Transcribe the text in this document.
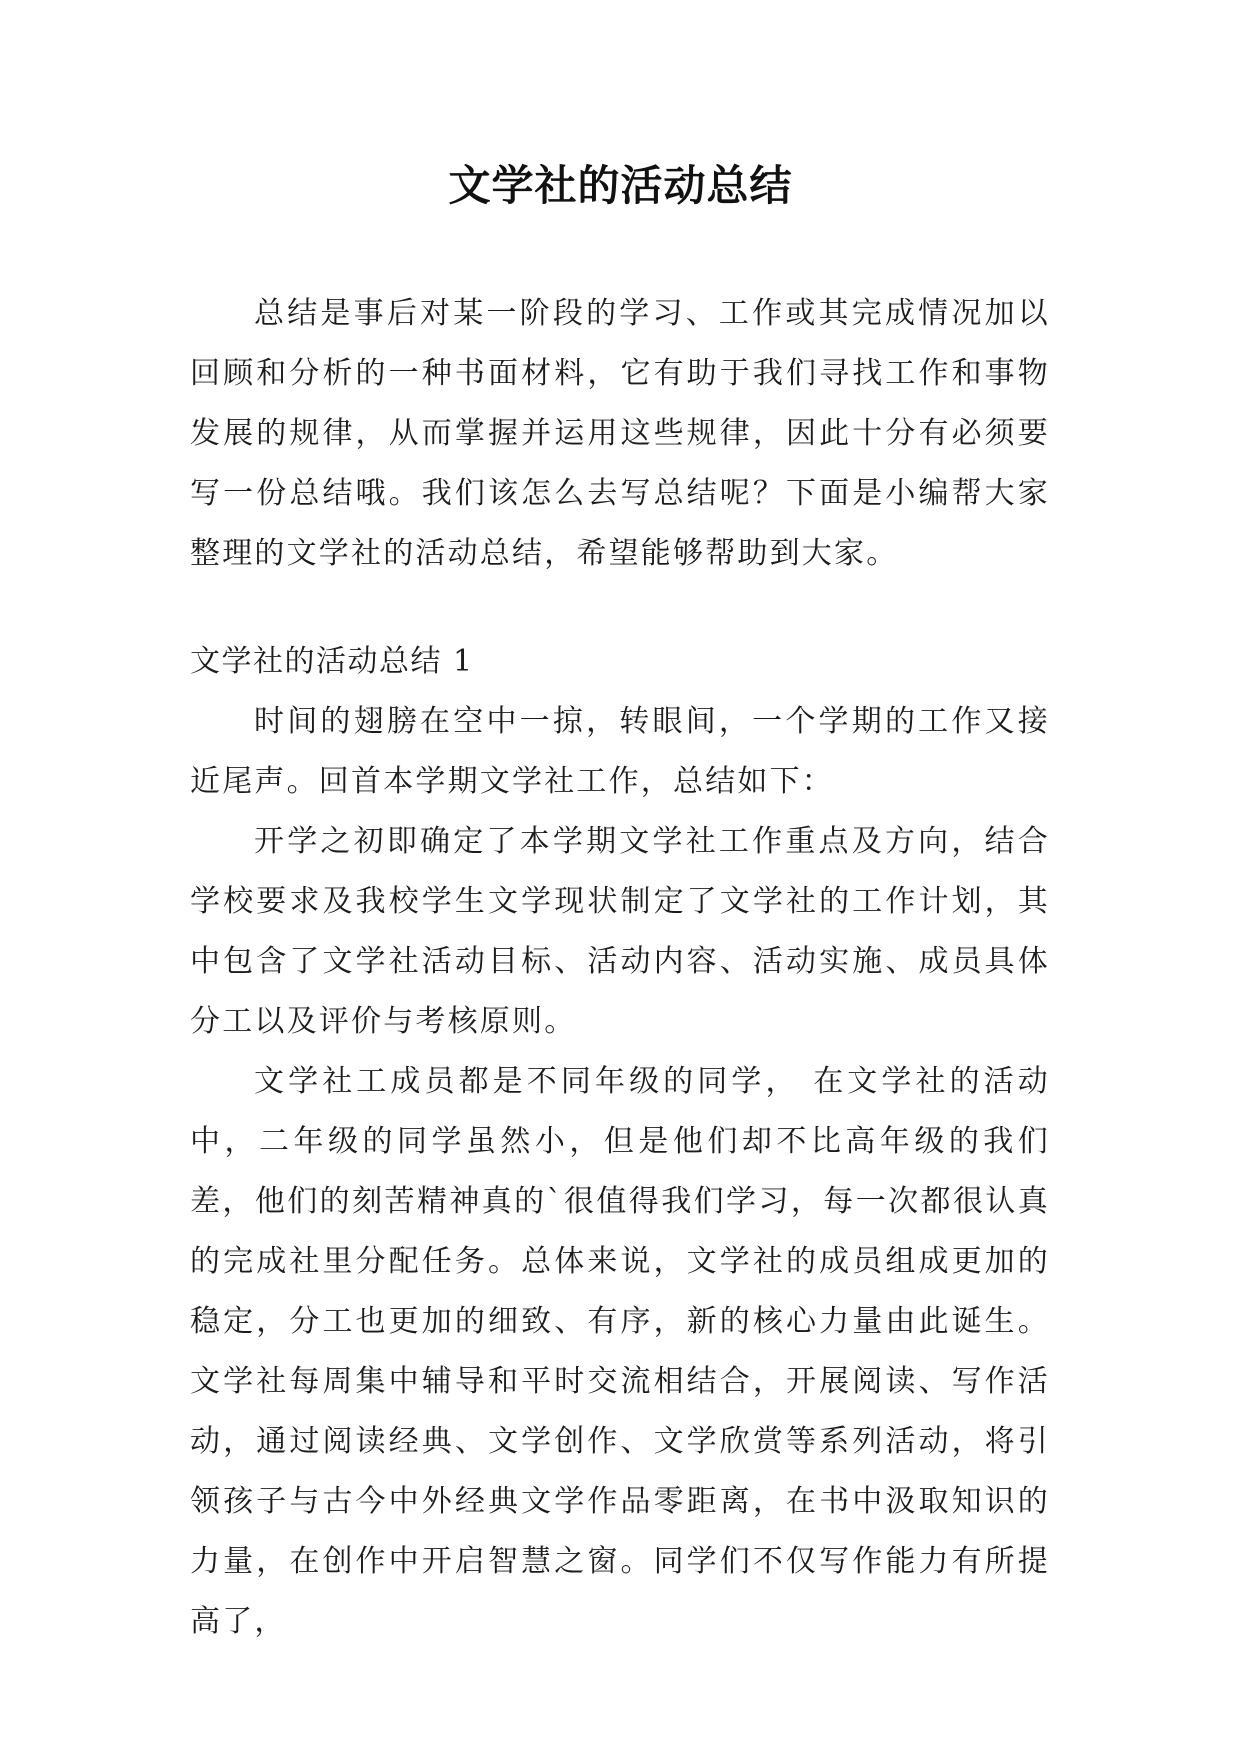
文学社的活动总结

总结是事后对某一阶段的学习、工作或其完成情况加以回顾和分析的一种书面材料，它有助于我们寻找工作和事物发展的规律，从而掌握并运用这些规律，因此十分有必须要写一份总结哦。我们该怎么去写总结呢？下面是小编帮大家整理的文学社的活动总结，希望能够帮助到大家。

文学社的活动总结 1

时间的翅膀在空中一掠，转眼间，一个学期的工作又接近尾声。回首本学期文学社工作，总结如下：

开学之初即确定了本学期文学社工作重点及方向，结合学校要求及我校学生文学现状制定了文学社的工作计划，其中包含了文学社活动目标、活动内容、活动实施、成员具体分工以及评价与考核原则。

文学社工成员都是不同年级的同学， 在文学社的活动中，二年级的同学虽然小，但是他们却不比高年级的我们差，他们的刻苦精神真的`很值得我们学习，每一次都很认真的完成社里分配任务。总体来说，文学社的成员组成更加的稳定，分工也更加的细致、有序，新的核心力量由此诞生。文学社每周集中辅导和平时交流相结合，开展阅读、写作活动，通过阅读经典、文学创作、文学欣赏等系列活动，将引领孩子与古今中外经典文学作品零距离，在书中汲取知识的力量，在创作中开启智慧之窗。同学们不仅写作能力有所提高了，
